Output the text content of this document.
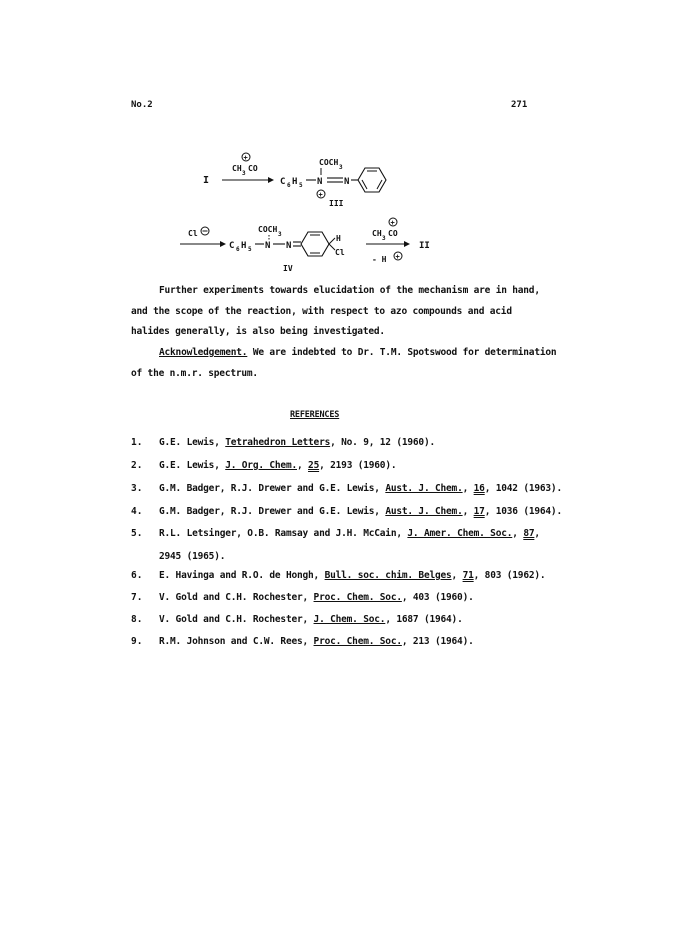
No.2	271
I
+
CH
3
CO
C 6 H 5 N
COCH
3
+
N
III
Cl
C 6 H 5 N
COCH
3
N
H
Cl
IV
+
CH
3
CO
- H +
II
Further experiments towards elucidation of the mechanism are in hand,
and the scope of the reaction, with respect to azo compounds and acid
halides generally, is also being investigated.
Acknowledgement. We are indebted to Dr. T.M. Spotswood for determination
of the n.m.r. spectrum.
REFERENCES
1. G.E. Lewis, Tetrahedron Letters, No. 9, 12 (1960).
2. G.E. Lewis, J. Org. Chem., 25, 2193 (1960).
3. G.M. Badger, R.J. Drewer and G.E. Lewis, Aust. J. Chem., 16, 1042 (1963).
4. G.M. Badger, R.J. Drewer and G.E. Lewis, Aust. J. Chem., 17, 1036 (1964).
5. R.L. Letsinger, O.B. Ramsay and J.H. McCain, J. Amer. Chem. Soc., 87,
2945 (1965).
6. E. Havinga and R.O. de Hongh, Bull. soc. chim. Belges, 71, 803 (1962).
7. V. Gold and C.H. Rochester, Proc. Chem. Soc., 403 (1960).
8. V. Gold and C.H. Rochester, J. Chem. Soc., 1687 (1964).
9. R.M. Johnson and C.W. Rees, Proc. Chem. Soc., 213 (1964).
